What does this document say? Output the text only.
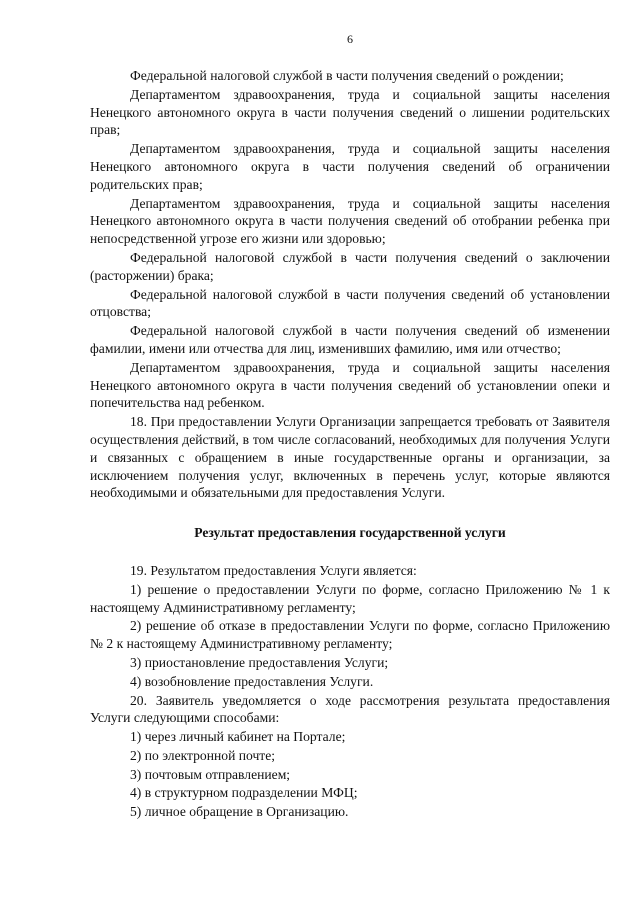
6

Федеральной налоговой службой в части получения сведений о рождении;

Департаментом здравоохранения, труда и социальной защиты населения Ненецкого автономного округа в части получения сведений о лишении родительских прав;

Департаментом здравоохранения, труда и социальной защиты населения Ненецкого автономного округа в части получения сведений об ограничении родительских прав;

Департаментом здравоохранения, труда и социальной защиты населения Ненецкого автономного округа в части получения сведений об отобрании ребенка при непосредственной угрозе его жизни или здоровью;

Федеральной налоговой службой в части получения сведений о заключении (расторжении) брака;

Федеральной налоговой службой в части получения сведений об установлении отцовства;

Федеральной налоговой службой в части получения сведений об изменении фамилии, имени или отчества для лиц, изменивших фамилию, имя или отчество;

Департаментом здравоохранения, труда и социальной защиты населения Ненецкого автономного округа в части получения сведений об установлении опеки и попечительства над ребенком.

18. При предоставлении Услуги Организации запрещается требовать от Заявителя осуществления действий, в том числе согласований, необходимых для получения Услуги и связанных с обращением в иные государственные органы и организации, за исключением получения услуг, включенных в перечень услуг, которые являются необходимыми и обязательными для предоставления Услуги.

Результат предоставления государственной услуги

19. Результатом предоставления Услуги является:

1) решение о предоставлении Услуги по форме, согласно Приложению № 1 к настоящему Административному регламенту;

2) решение об отказе в предоставлении Услуги по форме, согласно Приложению № 2 к настоящему Административному регламенту;

3) приостановление предоставления Услуги;

4) возобновление предоставления Услуги.

20. Заявитель уведомляется о ходе рассмотрения результата предоставления Услуги следующими способами:

1) через личный кабинет на Портале;

2) по электронной почте;

3) почтовым отправлением;

4) в структурном подразделении МФЦ;

5) личное обращение в Организацию.
